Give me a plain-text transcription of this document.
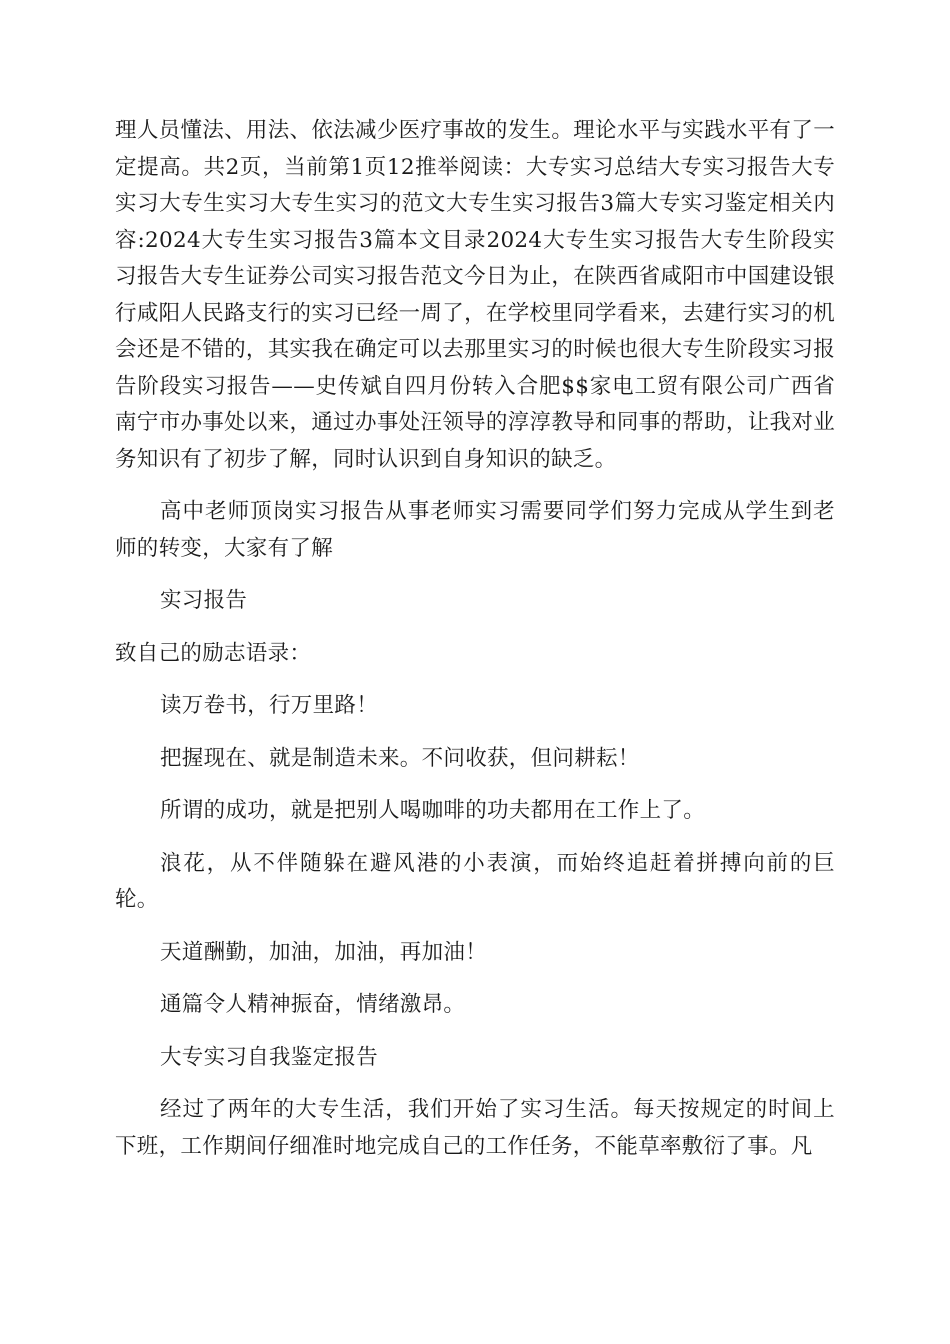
理人员懂法、用法、依法减少医疗事故的发生。理论水平与实践水平有了一定提高。共2页，当前第1页12推举阅读：大专实习总结大专实习报告大专实习大专生实习大专生实习的范文大专生实习报告3篇大专实习鉴定相关内容:2024大专生实习报告3篇本文目录2024大专生实习报告大专生阶段实习报告大专生证券公司实习报告范文今日为止，在陕西省咸阳市中国建设银行咸阳人民路支行的实习已经一周了，在学校里同学看来，去建行实习的机会还是不错的，其实我在确定可以去那里实习的时候也很大专生阶段实习报告阶段实习报告——史传斌自四月份转入合肥$$家电工贸有限公司广西省南宁市办事处以来，通过办事处汪领导的淳淳教导和同事的帮助，让我对业务知识有了初步了解，同时认识到自身知识的缺乏。

高中老师顶岗实习报告从事老师实习需要同学们努力完成从学生到老师的转变，大家有了解

实习报告

致自己的励志语录：

读万卷书，行万里路！

把握现在、就是制造未来。不问收获，但问耕耘！

所谓的成功，就是把别人喝咖啡的功夫都用在工作上了。

浪花，从不伴随躲在避风港的小表演，而始终追赶着拼搏向前的巨轮。

天道酬勤，加油，加油，再加油！

通篇令人精神振奋，情绪激昂。

大专实习自我鉴定报告

经过了两年的大专生活，我们开始了实习生活。每天按规定的时间上下班，工作期间仔细准时地完成自己的工作任务，不能草率敷衍了事。凡
